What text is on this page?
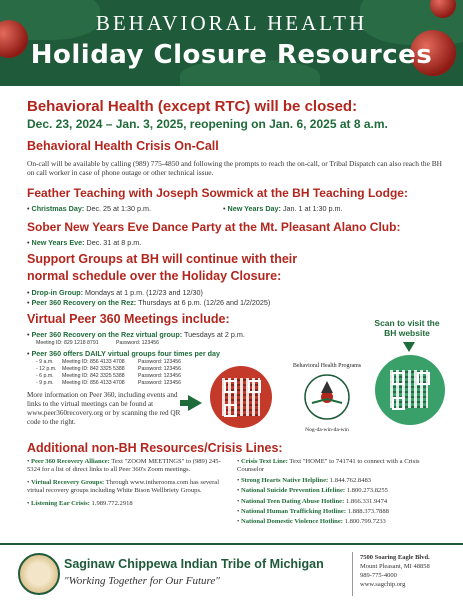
BEHAVIORAL HEALTH
Holiday Closure Resources
Behavioral Health (except RTC) will be closed:
Dec. 23, 2024 – Jan. 3, 2025, reopening on Jan. 6, 2025 at 8 a.m.
Behavioral Health Crisis On-Call
On-call will be available by calling (989) 775-4850 and following the prompts to reach the on-call, or Tribal Dispatch can also reach the BH on call worker in case of phone outage or other technical issue.
Feather Teaching with Joseph Sowmick at the BH Teaching Lodge:
• Christmas Day: Dec. 25 at 1:30 p.m.	• New Years Day: Jan. 1 at 1:30 p.m.
Sober New Years Eve Dance Party at the Mt. Pleasant Alano Club:
• New Years Eve: Dec. 31 at 8 p.m.
Support Groups at BH will continue with their
normal schedule over the Holiday Closure:
• Drop-in Group: Mondays at 1 p.m. (12/23 and 12/30)
• Peer 360 Recovery on the Rez: Thursdays at 6 p.m. (12/26 and 1/2/2025)
Virtual Peer 360 Meetings include:
• Peer 360 Recovery on the Rez virtual group: Tuesdays at 2 p.m.
Meeting ID: 829 1218 8791	Password: 123456
• Peer 360 offers DAILY virtual groups four times per day
- 9 a.m. Meeting ID: 856 4133 4708	Password: 123456
- 12 p.m. Meeting ID: 842 3325 5388	Password: 123456
- 6 p.m. Meeting ID: 842 3325 5388	Password: 123456
- 9 p.m. Meeting ID: 856 4133 4708	Password: 123456
More information on Peer 360, including events and links to the virtual meetings can be found at www.peer360recovery.org or by scanning the red QR code to the right.
Behavioral Health Programs
Nog-da-win-da-win
Scan to visit the
BH website
Additional non-BH Resources/Crisis Lines:
• Peer 360 Recovery Alliance: Text "ZOOM MEETINGS" to (989) 245-5324 for a list of direct links to all Peer 360's Zoom meetings.
• Virtual Recovery Groups: Through www.intherooms.com has several virtual recovery groups including White Bison Wellbriety Groups.
• Listening Ear Crisis: 1.989.772.2918
• Crisis Text Line: Text "HOME" to 741741 to connect with a Crisis Counselor
• Strong Hearts Native Helpline: 1.844.762.8483
• National Suicide Prevention Lifeline: 1.800.273.8255
• National Teen Dating Abuse Hotline: 1.866.331.9474
• National Human Trafficking Hotline: 1.888.373.7888
• National Domestic Violence Hotline: 1.800.799.7233
Saginaw Chippewa Indian Tribe of Michigan
"Working Together for Our Future"
7500 Soaring Eagle Blvd.
Mount Pleasant, MI 48858
989-775-4000
www.sagchip.org
